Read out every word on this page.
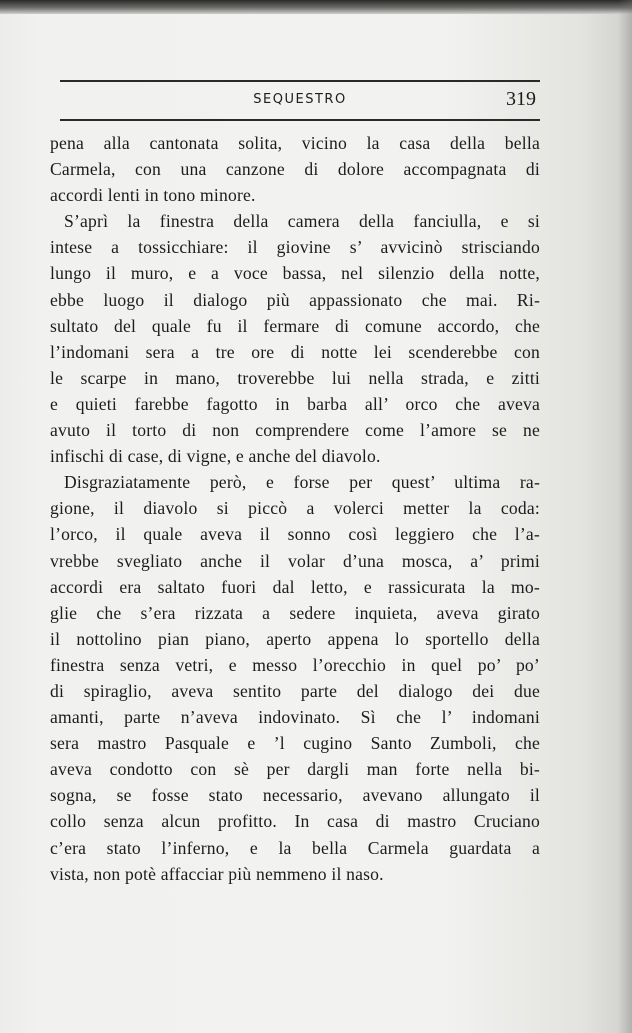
SEQUESTRO	319
pena alla cantonata solita, vicino la casa della bella
Carmela, con una canzone di dolore accompagnata di
accordi lenti in tono minore.
S’aprì la finestra della camera della fanciulla, e si
intese a tossicchiare: il giovine s’ avvicinò strisciando
lungo il muro, e a voce bassa, nel silenzio della notte,
ebbe luogo il dialogo più appassionato che mai. Ri-
sultato del quale fu il fermare di comune accordo, che
l’indomani sera a tre ore di notte lei scenderebbe con
le scarpe in mano, troverebbe lui nella strada, e zitti
e quieti farebbe fagotto in barba all’ orco che aveva
avuto il torto di non comprendere come l’amore se ne
infischi di case, di vigne, e anche del diavolo.
Disgraziatamente però, e forse per quest’ ultima ra-
gione, il diavolo si piccò a volerci metter la coda:
l’orco, il quale aveva il sonno così leggiero che l’a-
vrebbe svegliato anche il volar d’una mosca, a’ primi
accordi era saltato fuori dal letto, e rassicurata la mo-
glie che s’era rizzata a sedere inquieta, aveva girato
il nottolino pian piano, aperto appena lo sportello della
finestra senza vetri, e messo l’orecchio in quel po’ po’
di spiraglio, aveva sentito parte del dialogo dei due
amanti, parte n’aveva indovinato. Sì che l’ indomani
sera mastro Pasquale e ’l cugino Santo Zumboli, che
aveva condotto con sè per dargli man forte nella bi-
sogna, se fosse stato necessario, avevano allungato il
collo senza alcun profitto. In casa di mastro Cruciano
c’era stato l’inferno, e la bella Carmela guardata a
vista, non potè affacciar più nemmeno il naso.
